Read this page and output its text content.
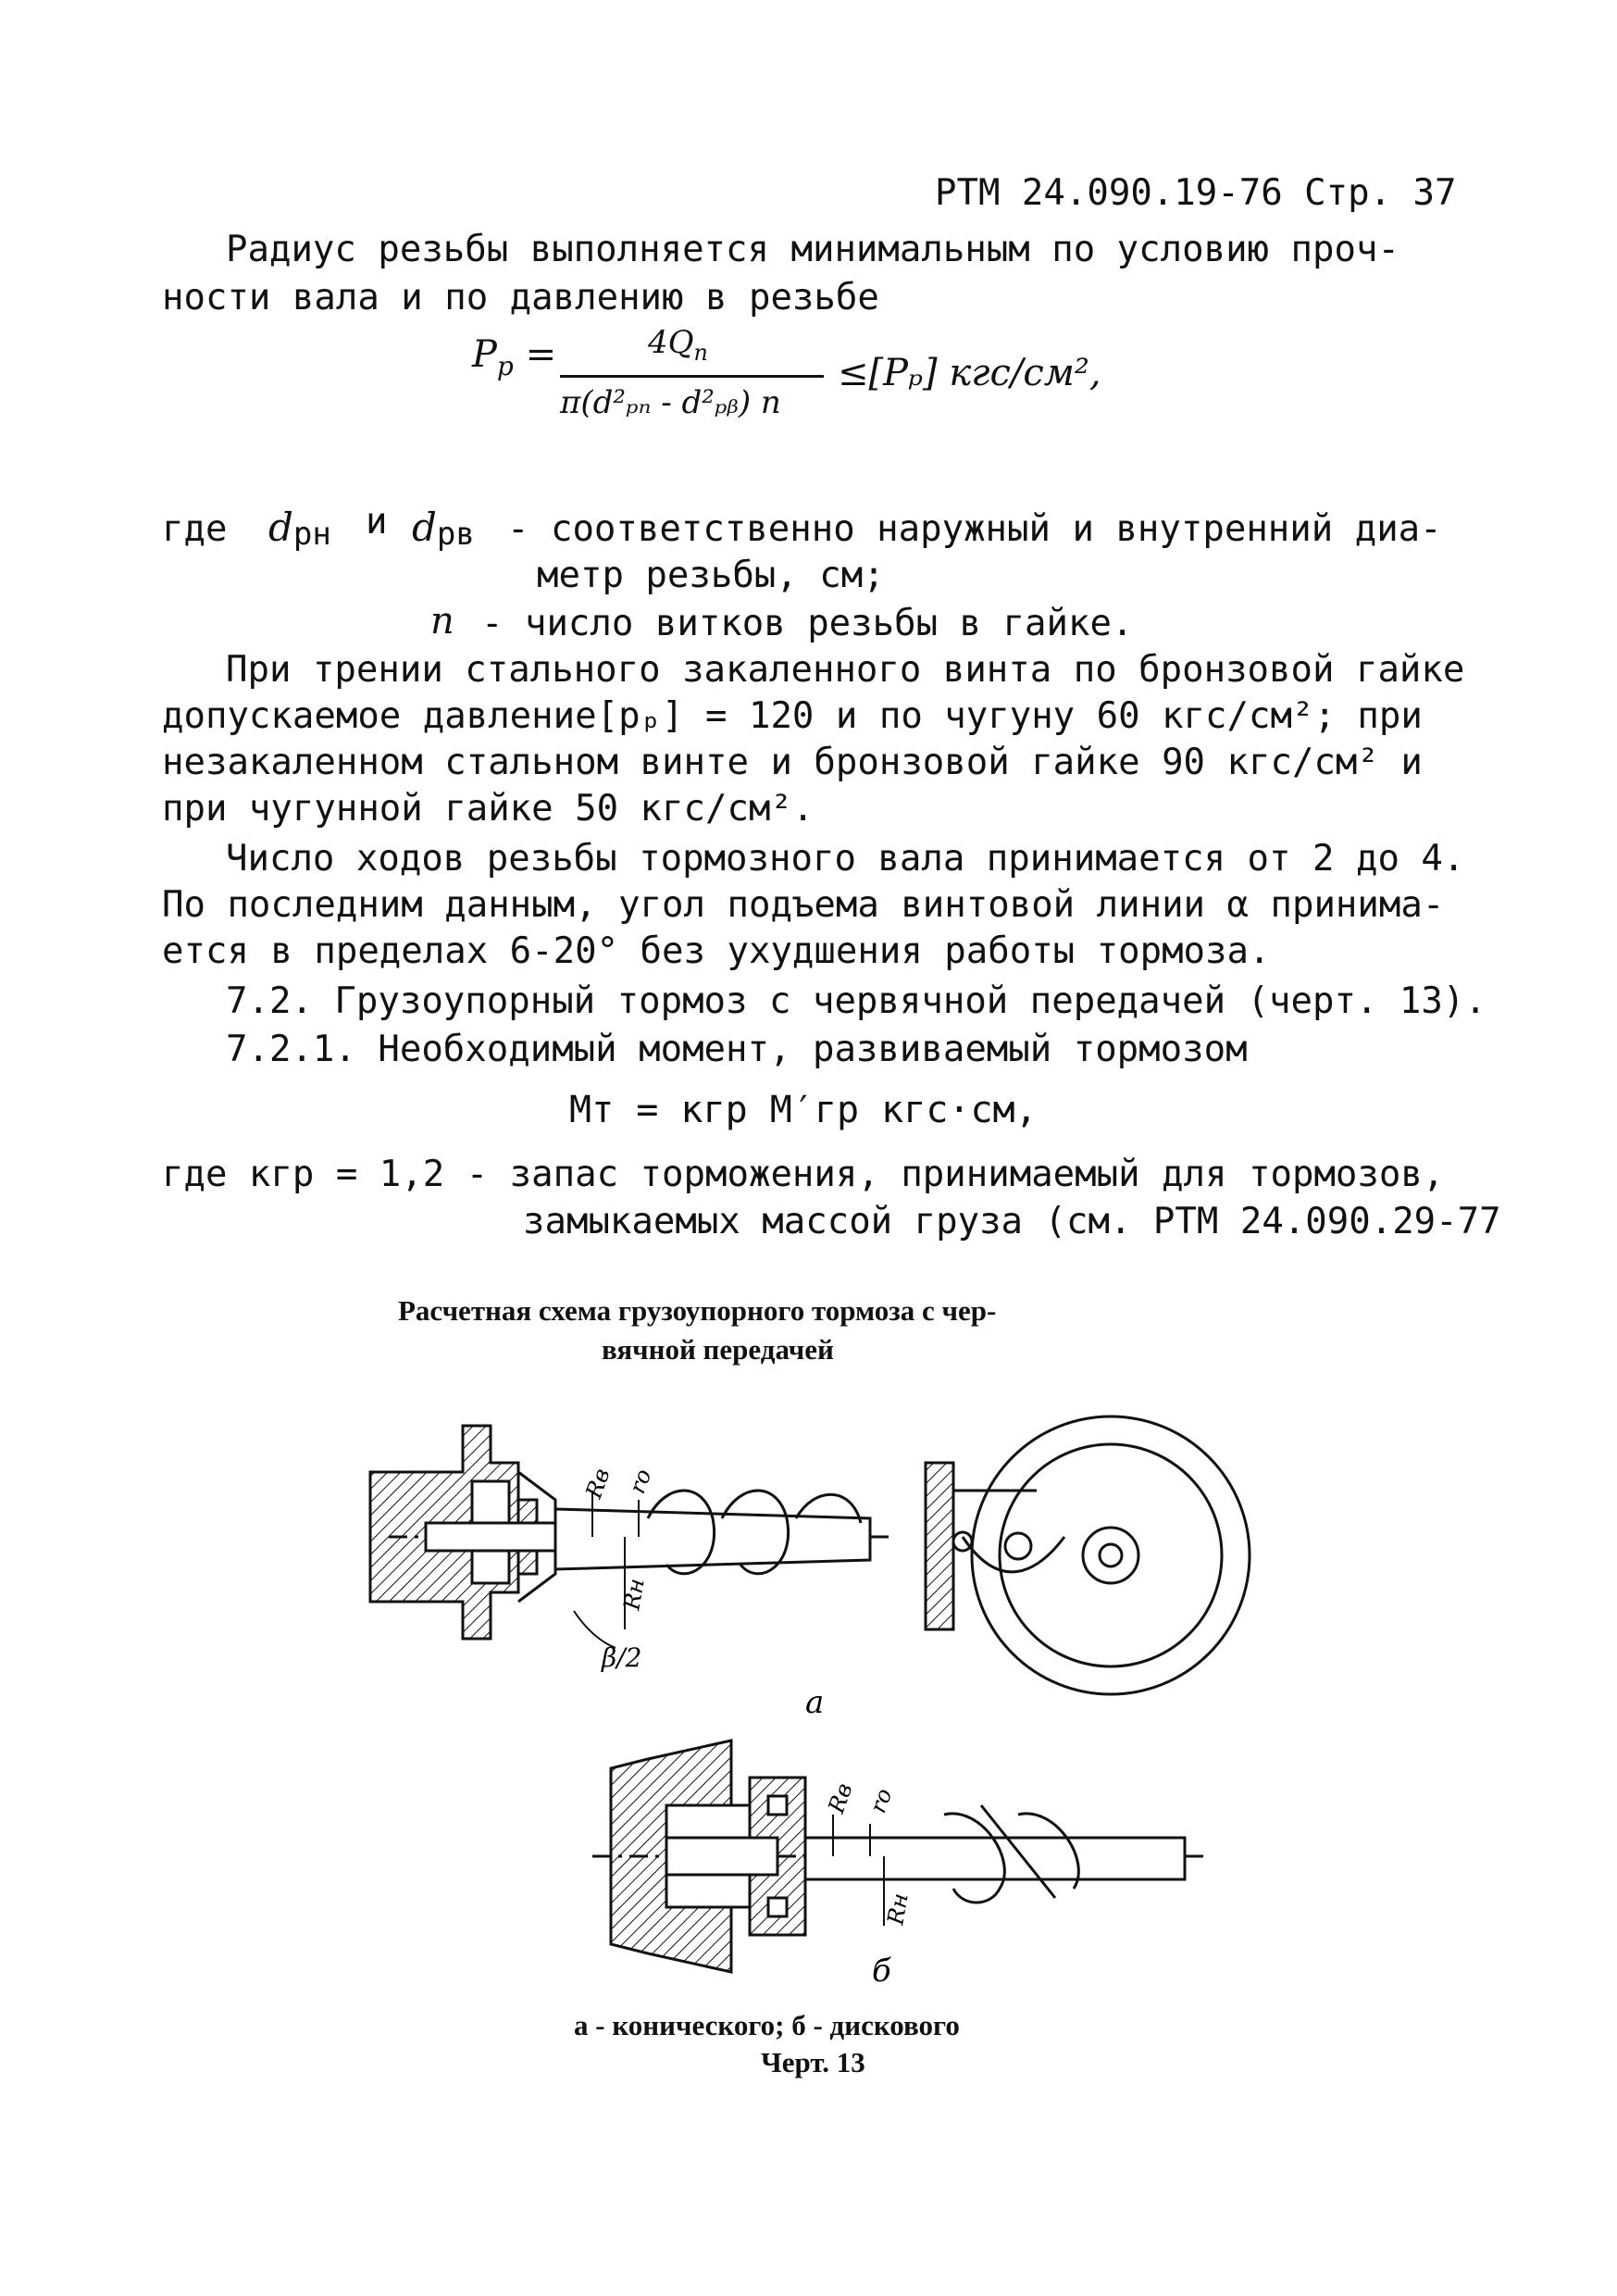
РТМ 24.090.19-76 Стр. 37
Радиус резьбы выполняется минимальным по условию проч-
ности вала и по давлению в резьбе
$P_p$ =	$4Q_n$
π(d²ₚₙ - d²ₚᵦ) n
≤[Pₚ] кгс/см²,
где $d_{рн}$ и $d_{рв}$ - соответственно наружный и внутренний диа-
метр резьбы, см;
n - число витков резьбы в гайке.
При трении стального закаленного винта по бронзовой гайке
допускаемое давление[pₚ] = 120 и по чугуну 60 кгс/см²; при
незакаленном стальном винте и бронзовой гайке 90 кгс/см² и
при чугунной гайке 50 кгс/см².
Число ходов резьбы тормозного вала принимается от 2 до 4.
По последним данным, угол подъема винтовой линии α принима-
ется в пределах 6-20° без ухудшения работы тормоза.
7.2. Грузоупорный тормоз с червячной передачей (черт. 13).
7.2.1. Необходимый момент, развиваемый тормозом
Mт = кгр M′гр кгс·см,
где кгр = 1,2 - запас торможения, принимаемый для тормозов,
замыкаемых массой груза (см. РТМ 24.090.29-77
Расчетная схема грузоупорного тормоза с чер-
вячной передачей
Rв rо
Rн
β/2
а
Rв rо
Rн
б
а - конического; б - дискового
Черт. 13
